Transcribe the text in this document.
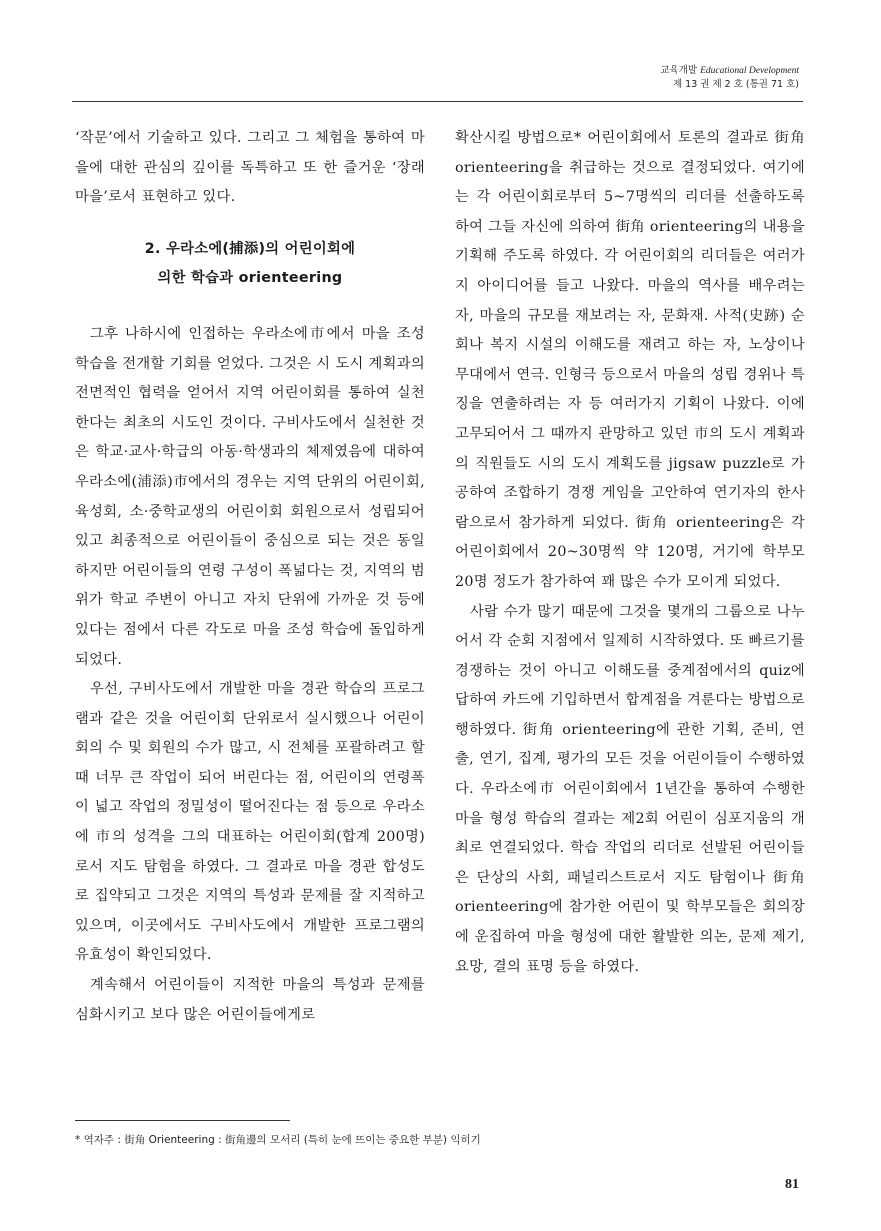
교육개발 Educational Development
제 13 권 제 2 호 (통권 71 호)

‘작문’에서 기술하고 있다. 그리고 그 체험을 통하여 마을에 대한 관심의 깊이를 독특하고 또 한 즐거운 ‘장래 마을’로서 표현하고 있다.

2. 우라소에(捕添)의 어린이회에
의한 학습과 orienteering

그후 나하시에 인접하는 우라소에市에서 마을 조성 학습을 전개할 기회를 얻었다. 그것은 시 도시 계획과의 전면적인 협력을 얻어서 지역 어린이회를 통하여 실천한다는 최초의 시도인 것이다. 구비사도에서 실천한 것은 학교·교사·학급의 아동·학생과의 체제였음에 대하여 우라소에(浦添)市에서의 경우는 지역 단위의 어린이회, 육성회, 소·중학교생의 어린이회 회원으로서 성립되어 있고 최종적으로 어린이들이 중심으로 되는 것은 동일하지만 어린이들의 연령 구성이 폭넓다는 것, 지역의 범위가 학교 주변이 아니고 자치 단위에 가까운 것 등에 있다는 점에서 다른 각도로 마을 조성 학습에 돌입하게 되었다.

우선, 구비사도에서 개발한 마을 경관 학습의 프로그램과 같은 것을 어린이회 단위로서 실시했으나 어린이회의 수 및 회원의 수가 많고, 시 전체를 포괄하려고 할 때 너무 큰 작업이 되어 버린다는 점, 어린이의 연령폭이 넓고 작업의 정밀성이 떨어진다는 점 등으로 우라소에 市의 성격을 그의 대표하는 어린이회(합계 200명)로서 지도 탐험을 하였다. 그 결과로 마을 경관 합성도로 집약되고 그것은 지역의 특성과 문제를 잘 지적하고 있으며, 이곳에서도 구비사도에서 개발한 프로그램의 유효성이 확인되었다.

계속해서 어린이들이 지적한 마을의 특성과 문제를 심화시키고 보다 많은 어린이들에게로

확산시킬 방법으로* 어린이회에서 토론의 결과로 街角 orienteering을 취급하는 것으로 결정되었다. 여기에는 각 어린이회로부터 5~7명씩의 리더를 선출하도록 하여 그들 자신에 의하여 街角 orienteering의 내용을 기획해 주도록 하였다. 각 어린이회의 리더들은 여러가지 아이디어를 들고 나왔다. 마을의 역사를 배우려는 자, 마을의 규모를 재보려는 자, 문화재. 사적(史跡) 순회나 복지 시설의 이해도를 재려고 하는 자, 노상이나 무대에서 연극. 인형극 등으로서 마을의 성립 경위나 특징을 연출하려는 자 등 여러가지 기획이 나왔다. 이에 고무되어서 그 때까지 관망하고 있던 市의 도시 계획과의 직원들도 시의 도시 계획도를 jigsaw puzzle로 가공하여 조합하기 경쟁 게임을 고안하여 연기자의 한사람으로서 참가하게 되었다. 街角 orienteering은 각 어린이회에서 20~30명씩 약 120명, 거기에 학부모 20명 정도가 참가하여 꽤 많은 수가 모이게 되었다.

사람 수가 많기 때문에 그것을 몇개의 그룹으로 나누어서 각 순회 지점에서 일제히 시작하였다. 또 빠르기를 경쟁하는 것이 아니고 이해도를 중계점에서의 quiz에 답하여 카드에 기입하면서 합계점을 겨룬다는 방법으로 행하였다. 街角 orienteering에 관한 기획, 준비, 연출, 연기, 집계, 평가의 모든 것을 어린이들이 수행하였다. 우라소에市 어린이회에서 1년간을 통하여 수행한 마을 형성 학습의 결과는 제2회 어린이 심포지움의 개최로 연결되었다. 학습 작업의 리더로 선발된 어린이들은 단상의 사회, 패널리스트로서 지도 탐험이나 街角 orienteering에 참가한 어린이 및 학부모들은 회의장에 운집하여 마을 형성에 대한 활발한 의논, 문제 제기, 요망, 결의 표명 등을 하였다.

* 역자주 : 街角 Orienteering : 街角邊의 모서리 (특히 눈에 뜨이는 중요한 부분) 익히기
81
